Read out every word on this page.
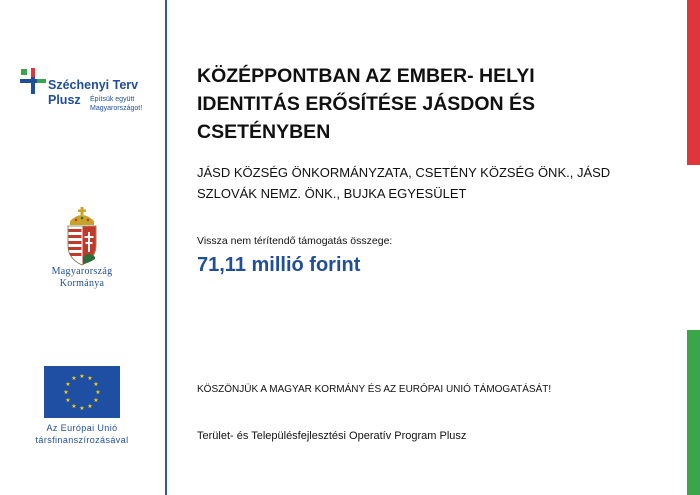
Széchenyi Terv
Plusz Építsük együtt Magyarországot!
Magyarország
Kormánya
★ ★
★
★
★
★
★
★
★
★
★
★
Az Európai Unió
társfinanszírozásával
KÖZÉPPONTBAN AZ EMBER- HELYI IDENTITÁS ERŐSÍTÉSE JÁSDON ÉS CSETÉNYBEN
JÁSD KÖZSÉG ÖNKORMÁNYZATA, CSETÉNY KÖZSÉG ÖNK., JÁSD SZLOVÁK NEMZ. ÖNK., BUJKA EGYESÜLET
Vissza nem térítendő támogatás összege:
71,11 millió forint
KÖSZÖNJÜK A MAGYAR KORMÁNY ÉS AZ EURÓPAI UNIÓ TÁMOGATÁSÁT!
Terület- és Településfejlesztési Operatív Program Plusz
